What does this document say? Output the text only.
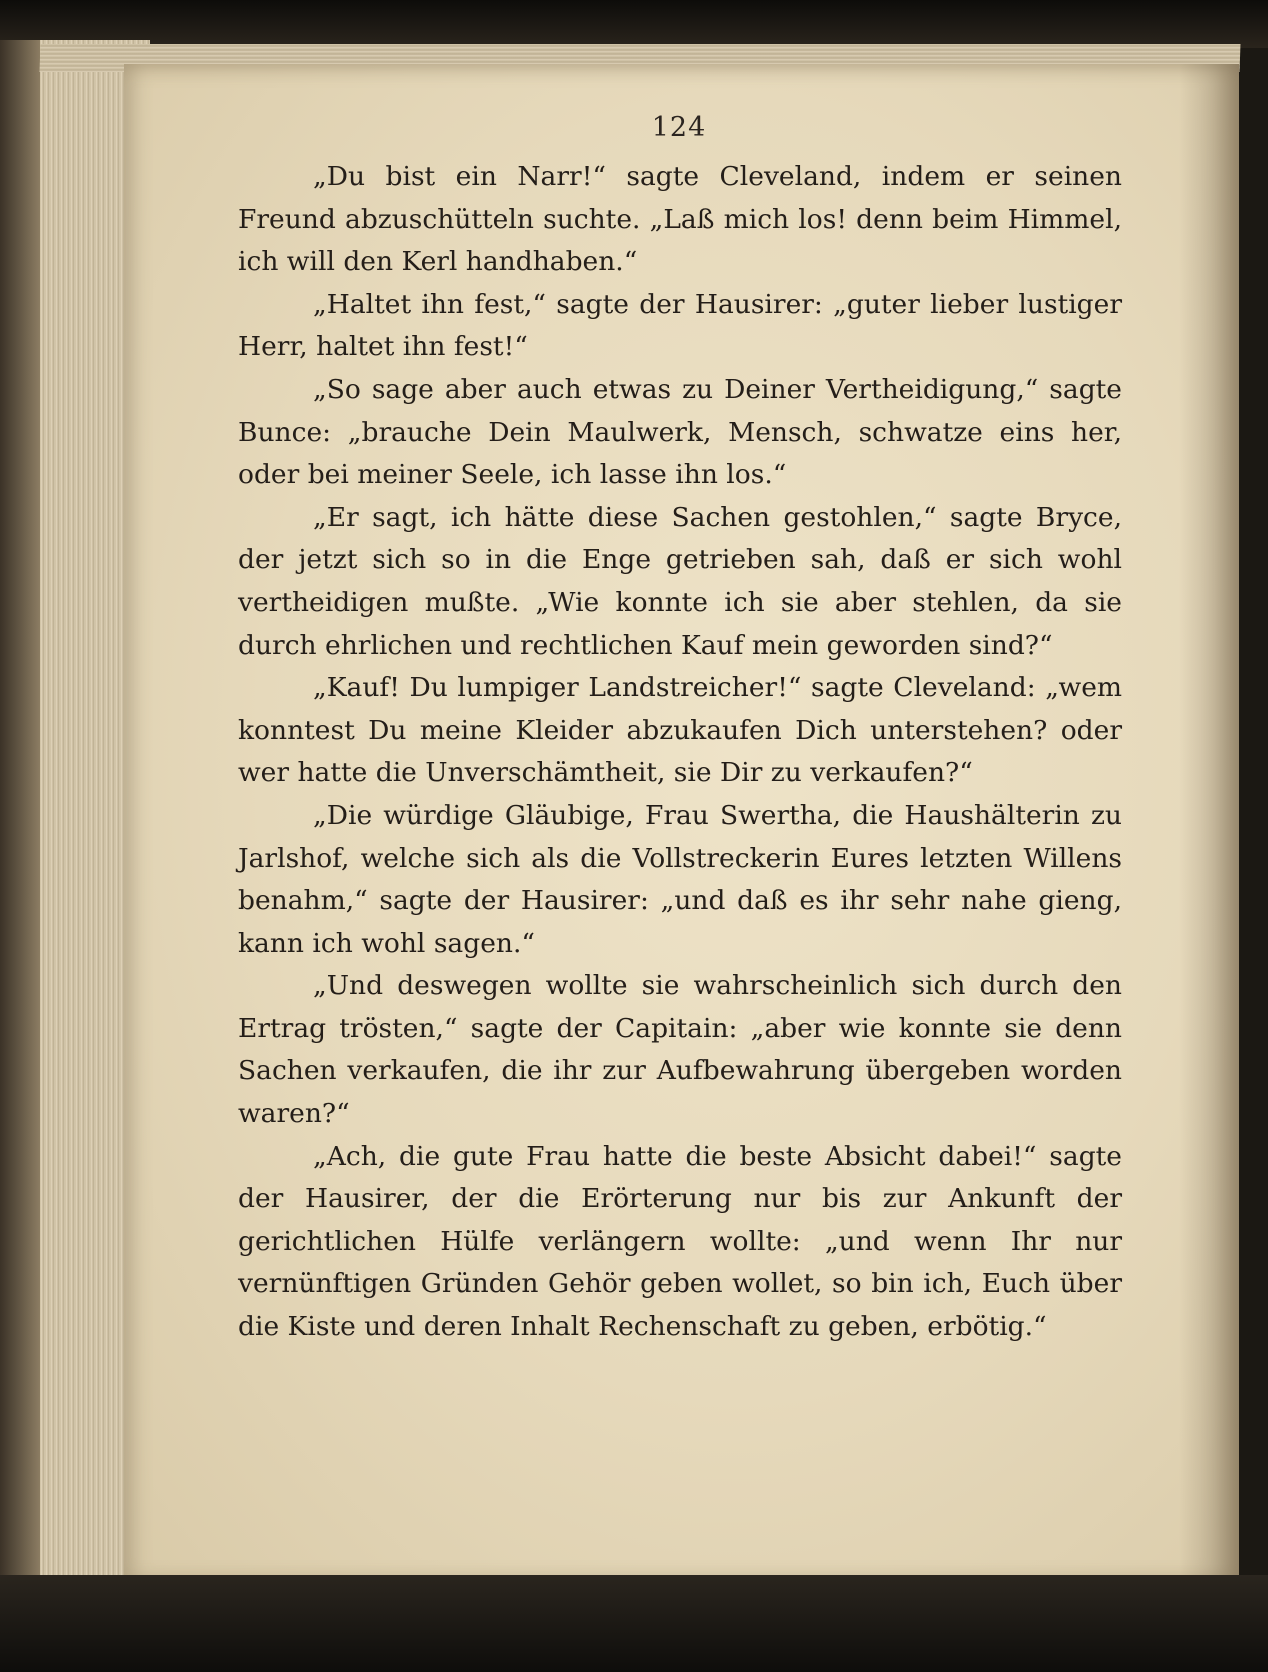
124

„Du bist ein Narr!“ sagte Cleveland, indem er seinen Freund abzuschütteln suchte. „Laß mich los! denn beim Himmel, ich will den Kerl handhaben.“

„Haltet ihn fest,“ sagte der Hausirer: „guter lieber lustiger Herr, haltet ihn fest!“

„So sage aber auch etwas zu Deiner Vertheidigung,“ sagte Bunce: „brauche Dein Maulwerk, Mensch, schwatze eins her, oder bei meiner Seele, ich lasse ihn los.“

„Er sagt, ich hätte diese Sachen gestohlen,“ sagte Bryce, der jetzt sich so in die Enge getrieben sah, daß er sich wohl vertheidigen mußte. „Wie konnte ich sie aber stehlen, da sie durch ehrlichen und rechtlichen Kauf mein geworden sind?“

„Kauf! Du lumpiger Landstreicher!“ sagte Cleveland: „wem konntest Du meine Kleider abzukaufen Dich unterstehen? oder wer hatte die Unverschämtheit, sie Dir zu verkaufen?“

„Die würdige Gläubige, Frau Swertha, die Haushälterin zu Jarlshof, welche sich als die Vollstreckerin Eures letzten Willens benahm,“ sagte der Hausirer: „und daß es ihr sehr nahe gieng, kann ich wohl sagen.“

„Und deswegen wollte sie wahrscheinlich sich durch den Ertrag trösten,“ sagte der Capitain: „aber wie konnte sie denn Sachen verkaufen, die ihr zur Aufbewahrung übergeben worden waren?“

„Ach, die gute Frau hatte die beste Absicht dabei!“ sagte der Hausirer, der die Erörterung nur bis zur Ankunft der gerichtlichen Hülfe verlängern wollte: „und wenn Ihr nur vernünftigen Gründen Gehör geben wollet, so bin ich, Euch über die Kiste und deren Inhalt Rechenschaft zu geben, erbötig.“
